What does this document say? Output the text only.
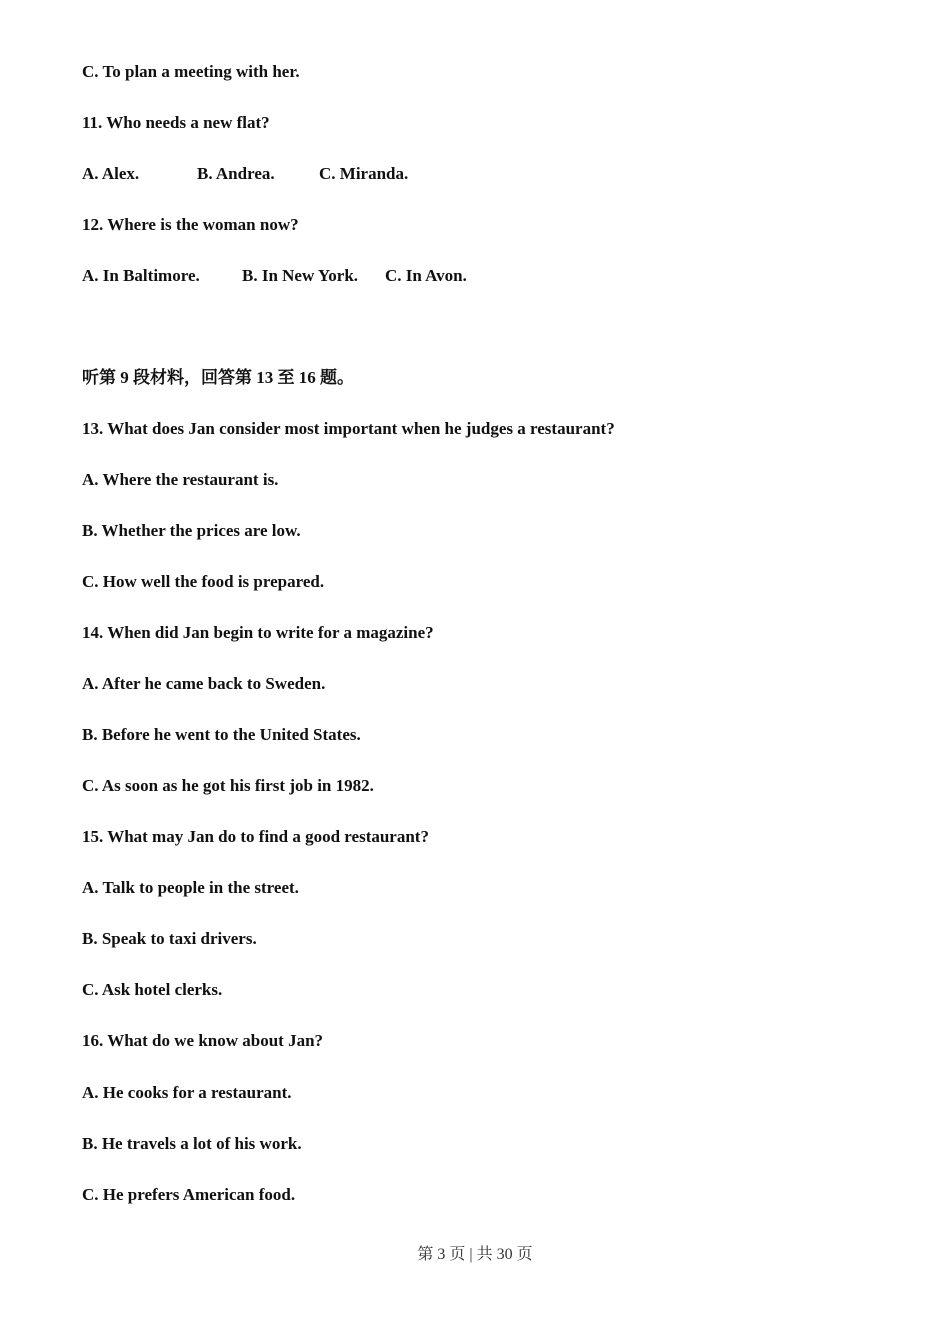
C. To plan a meeting with her.
11. Who needs a new flat?
A. Alex.	B. Andrea.	C. Miranda.
12. Where is the woman now?
A. In Baltimore. B. In New York. C. In Avon.
听第 9 段材料，回答第 13 至 16 题。
13. What does Jan consider most important when he judges a restaurant?
A. Where the restaurant is.
B. Whether the prices are low.
C. How well the food is prepared.
14. When did Jan begin to write for a magazine?
A. After he came back to Sweden.
B. Before he went to the United States.
C. As soon as he got his first job in 1982.
15. What may Jan do to find a good restaurant?
A. Talk to people in the street.
B. Speak to taxi drivers.
C. Ask hotel clerks.
16. What do we know about Jan?
A. He cooks for a restaurant.
B. He travels a lot of his work.
C. He prefers American food.
第 3 页 | 共 30 页
